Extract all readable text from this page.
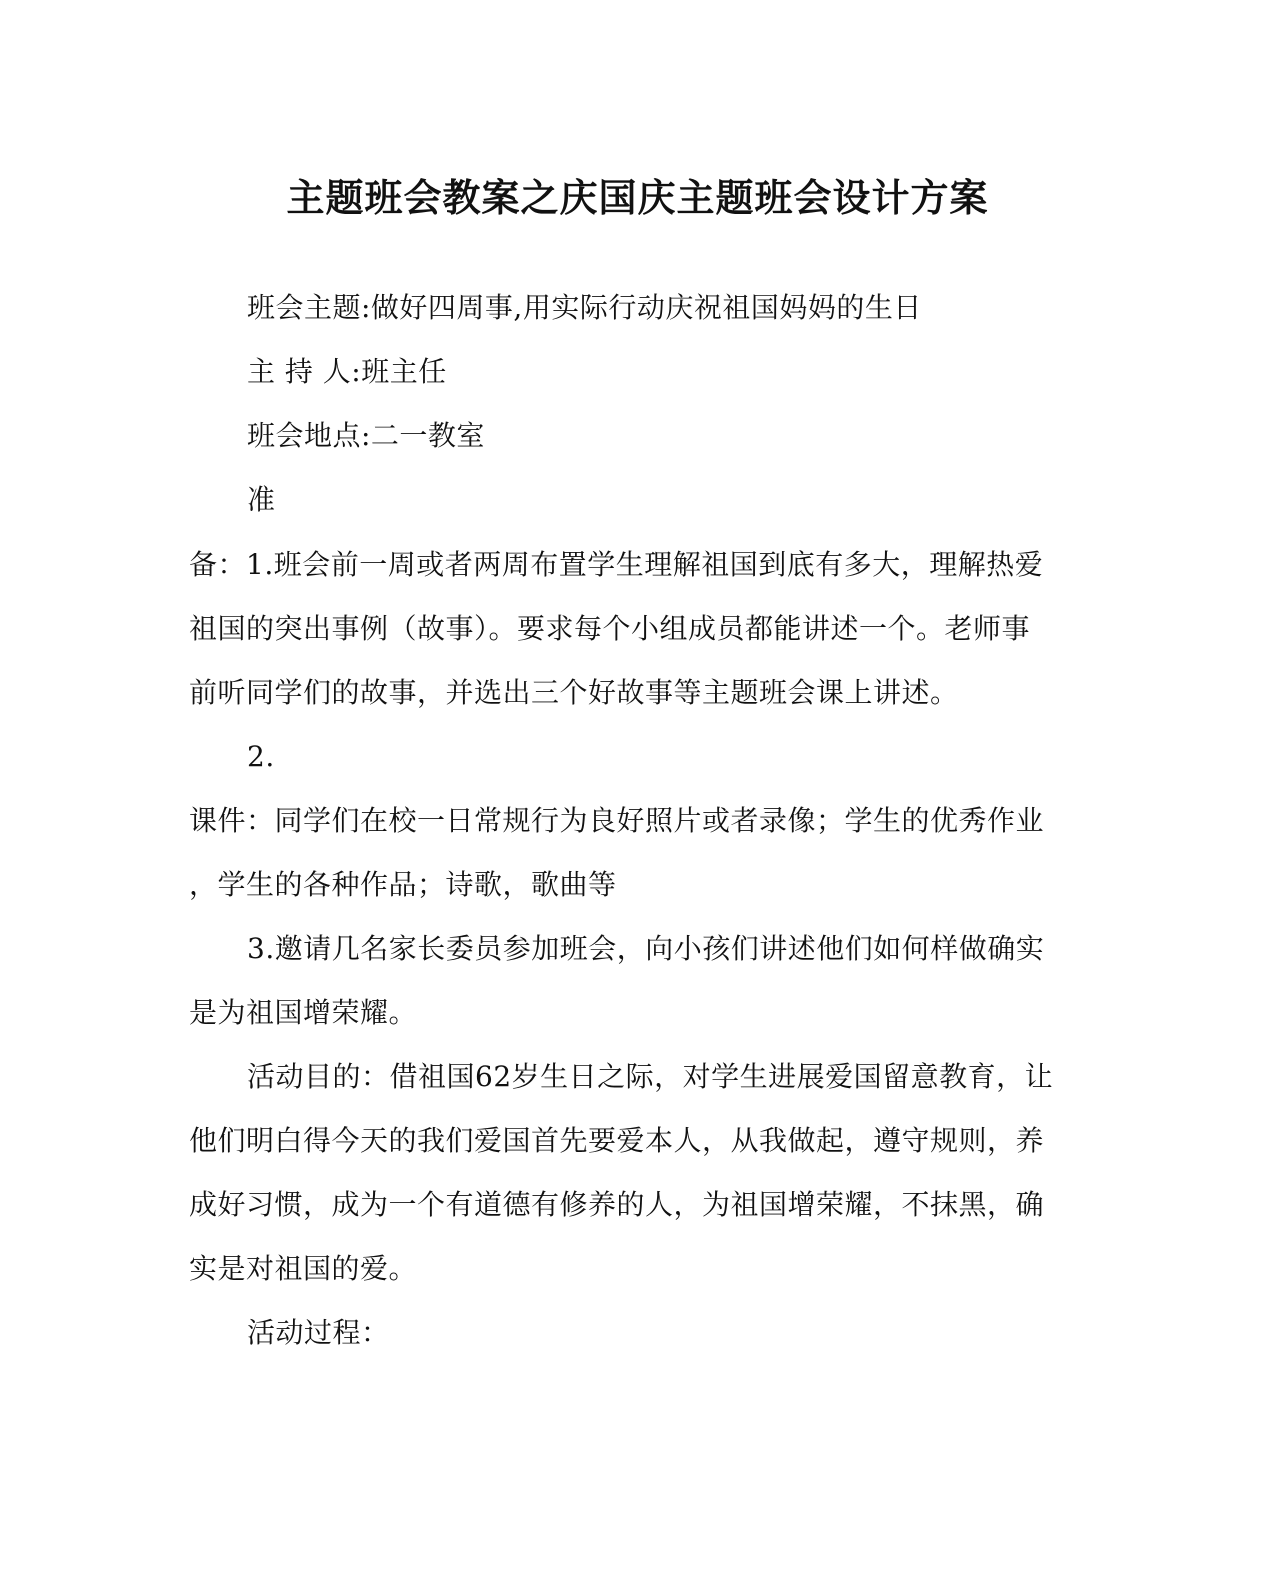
主题班会教案之庆国庆主题班会设计方案
班会主题:做好四周事,用实际行动庆祝祖国妈妈的生日
主 持 人:班主任
班会地点:二一教室
准
备：1.班会前一周或者两周布置学生理解祖国到底有多大，理解热爱
祖国的突出事例（故事）。要求每个小组成员都能讲述一个。老师事
前听同学们的故事，并选出三个好故事等主题班会课上讲述。
2.
课件：同学们在校一日常规行为良好照片或者录像；学生的优秀作业
，学生的各种作品；诗歌，歌曲等
3.邀请几名家长委员参加班会，向小孩们讲述他们如何样做确实
是为祖国增荣耀。
活动目的：借祖国62岁生日之际，对学生进展爱国留意教育，让
他们明白得今天的我们爱国首先要爱本人，从我做起，遵守规则，养
成好习惯，成为一个有道德有修养的人，为祖国增荣耀，不抹黑，确
实是对祖国的爱。
活动过程：
